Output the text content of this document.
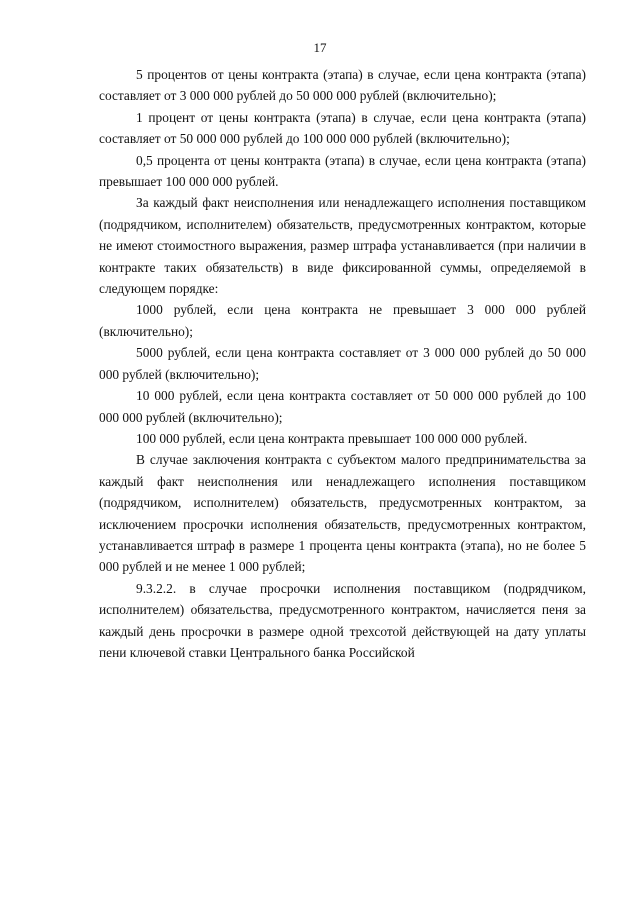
17

5 процентов от цены контракта (этапа) в случае, если цена контракта (этапа) составляет от 3 000 000 рублей до 50 000 000 рублей (включительно);

1 процент от цены контракта (этапа) в случае, если цена контракта (этапа) составляет от 50 000 000 рублей до 100 000 000 рублей (включительно);

0,5 процента от цены контракта (этапа) в случае, если цена контракта (этапа) превышает 100 000 000 рублей.

За каждый факт неисполнения или ненадлежащего исполнения поставщиком (подрядчиком, исполнителем) обязательств, предусмотренных контрактом, которые не имеют стоимостного выражения, размер штрафа устанавливается (при наличии в контракте таких обязательств) в виде фиксированной суммы, определяемой в следующем порядке:

1000 рублей, если цена контракта не превышает 3 000 000 рублей (включительно);

5000 рублей, если цена контракта составляет от 3 000 000 рублей до 50 000 000 рублей (включительно);

10 000 рублей, если цена контракта составляет от 50 000 000 рублей до 100 000 000 рублей (включительно);

100 000 рублей, если цена контракта превышает 100 000 000 рублей.

В случае заключения контракта с субъектом малого предпринимательства за каждый факт неисполнения или ненадлежащего исполнения поставщиком (подрядчиком, исполнителем) обязательств, предусмотренных контрактом, за исключением просрочки исполнения обязательств, предусмотренных контрактом, устанавливается штраф в размере 1 процента цены контракта (этапа), но не более 5 000 рублей и не менее 1 000 рублей;

9.3.2.2. в случае просрочки исполнения поставщиком (подрядчиком, исполнителем) обязательства, предусмотренного контрактом, начисляется пеня за каждый день просрочки в размере одной трехсотой действующей на дату уплаты пени ключевой ставки Центрального банка Российской
